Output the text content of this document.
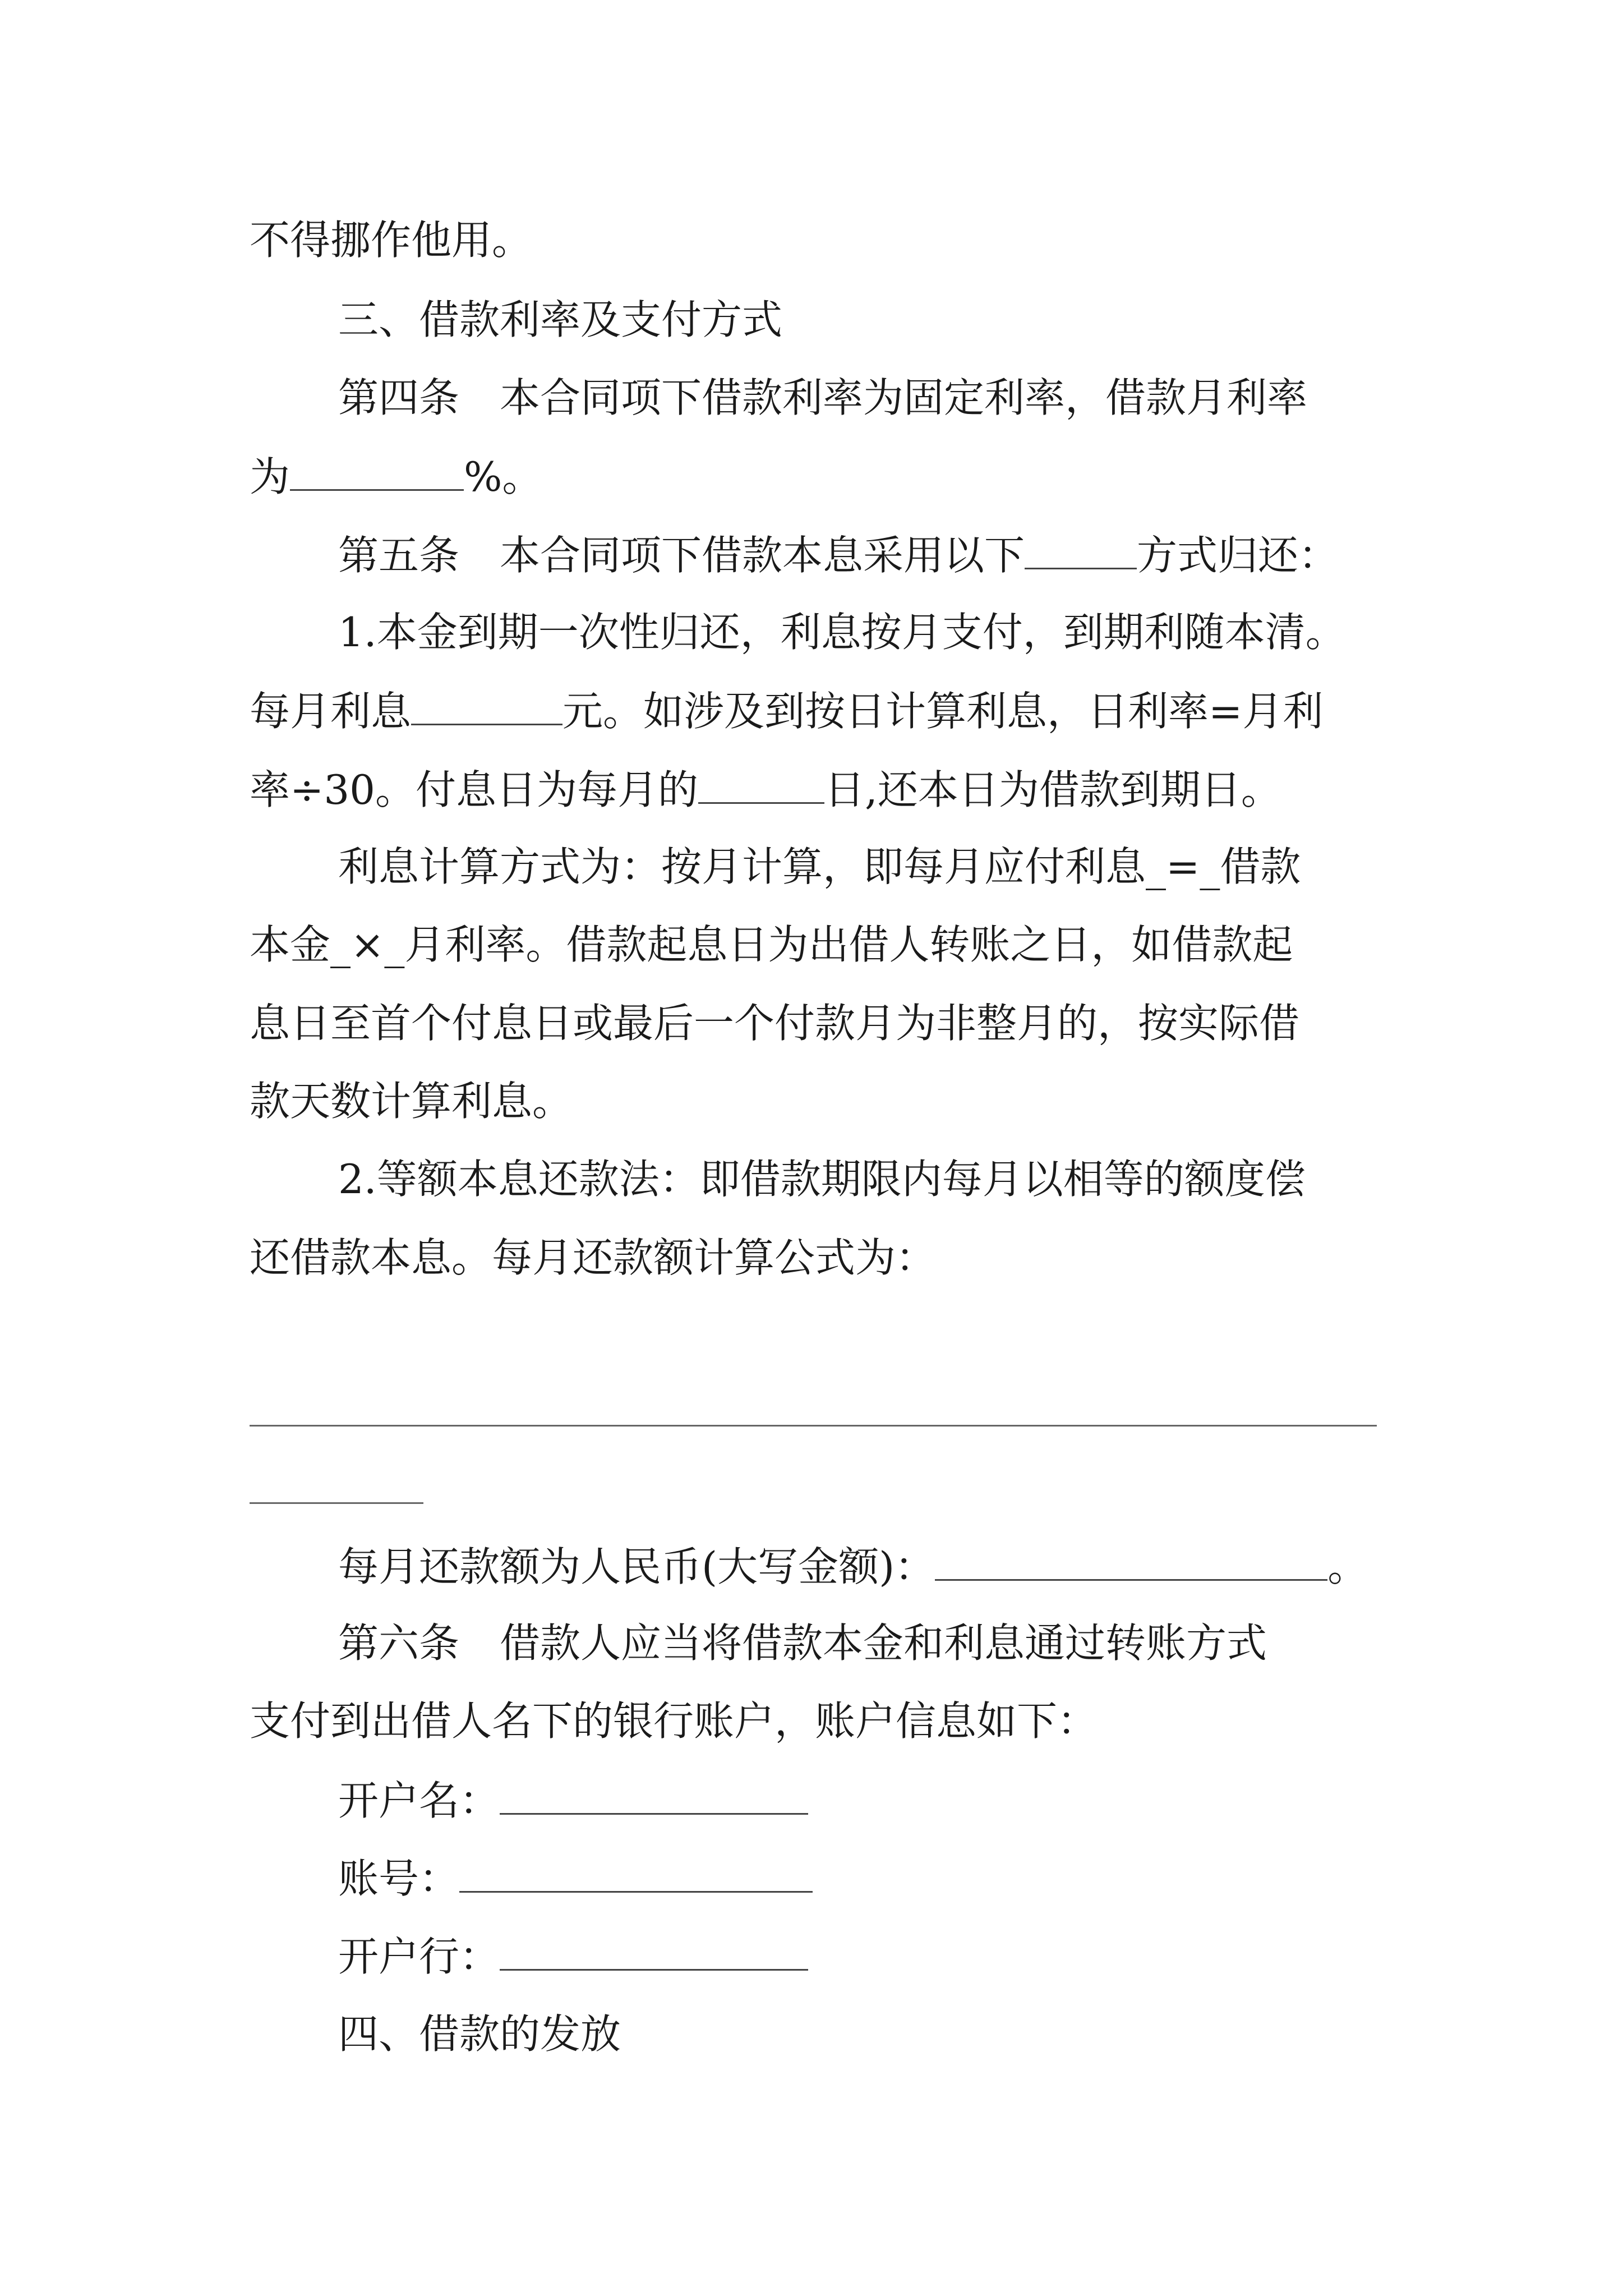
不得挪作他用。
三、借款利率及支付方式
第四条　本合同项下借款利率为固定利率，借款月利率
为	%。
第五条　本合同项下借款本息采用以下	方式归还：
1.本金到期一次性归还，利息按月支付，到期利随本清。
每月利息	元。如涉及到按日计算利息，日利率=月利
率÷30。付息日为每月的	日,还本日为借款到期日。
利息计算方式为：按月计算，即每月应付利息_=_借款
本金_×_月利率。借款起息日为出借人转账之日，如借款起
息日至首个付息日或最后一个付款月为非整月的，按实际借
款天数计算利息。
2.等额本息还款法：即借款期限内每月以相等的额度偿
还借款本息。每月还款额计算公式为：
每月还款额为人民币(大写金额)：	。
第六条　借款人应当将借款本金和利息通过转账方式
支付到出借人名下的银行账户，账户信息如下：
开户名：
账号：
开户行：
四、借款的发放
